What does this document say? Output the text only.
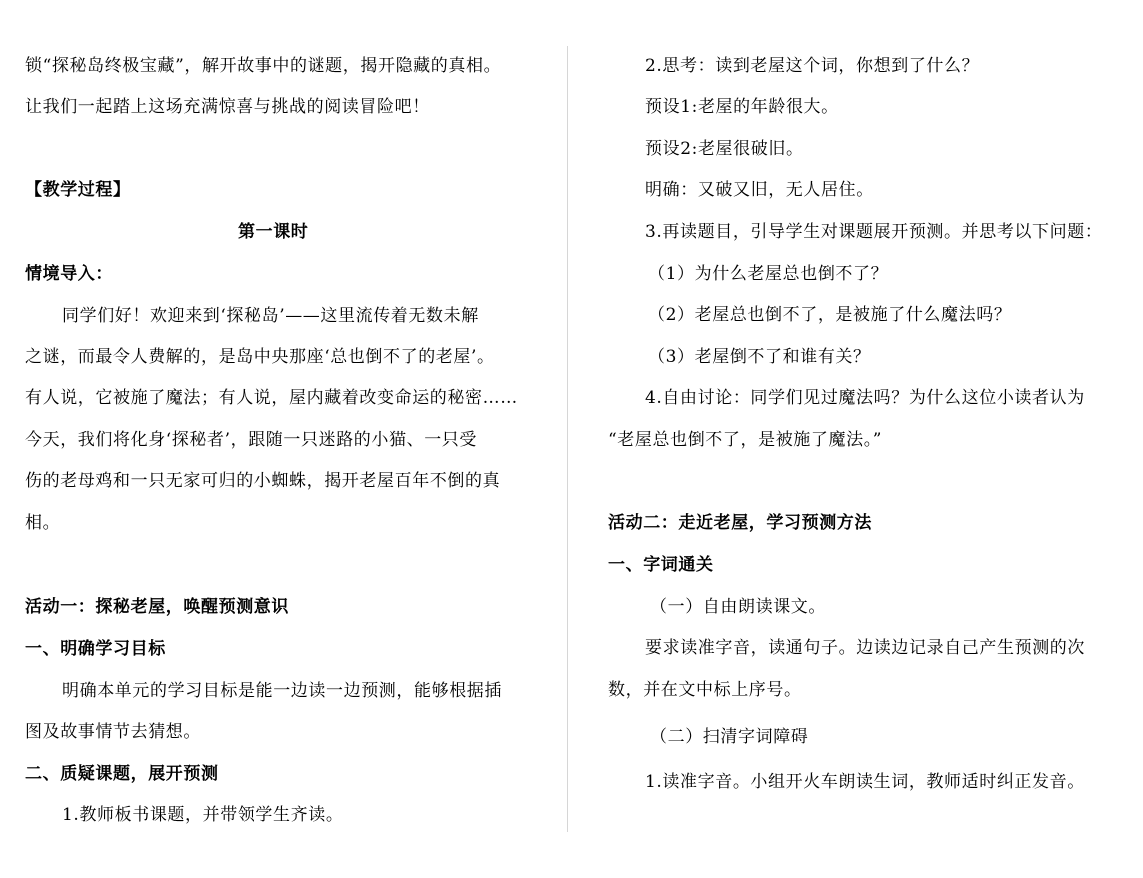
锁“探秘岛终极宝藏”，解开故事中的谜题，揭开隐藏的真相。
让我们一起踏上这场充满惊喜与挑战的阅读冒险吧！
【教学过程】
第一课时
情境导入：
同学们好！欢迎来到‘探秘岛’——这里流传着无数未解
之谜，而最令人费解的，是岛中央那座‘总也倒不了的老屋’。
有人说，它被施了魔法；有人说，屋内藏着改变命运的秘密……
今天，我们将化身‘探秘者’，跟随一只迷路的小猫、一只受
伤的老母鸡和一只无家可归的小蜘蛛，揭开老屋百年不倒的真
相。
活动一：探秘老屋，唤醒预测意识
一、明确学习目标
明确本单元的学习目标是能一边读一边预测，能够根据插
图及故事情节去猜想。
二、质疑课题，展开预测
1.教师板书课题，并带领学生齐读。
2.思考：读到老屋这个词，你想到了什么？
预设1:老屋的年龄很大。
预设2:老屋很破旧。
明确：又破又旧，无人居住。
3.再读题目，引导学生对课题展开预测。并思考以下问题：
（1）为什么老屋总也倒不了？
（2）老屋总也倒不了，是被施了什么魔法吗？
（3）老屋倒不了和谁有关？
4.自由讨论：同学们见过魔法吗？为什么这位小读者认为
“老屋总也倒不了，是被施了魔法。”
活动二：走近老屋，学习预测方法
一、字词通关
（一）自由朗读课文。
要求读准字音，读通句子。边读边记录自己产生预测的次
数，并在文中标上序号。
（二）扫清字词障碍
1.读准字音。小组开火车朗读生词，教师适时纠正发音。
